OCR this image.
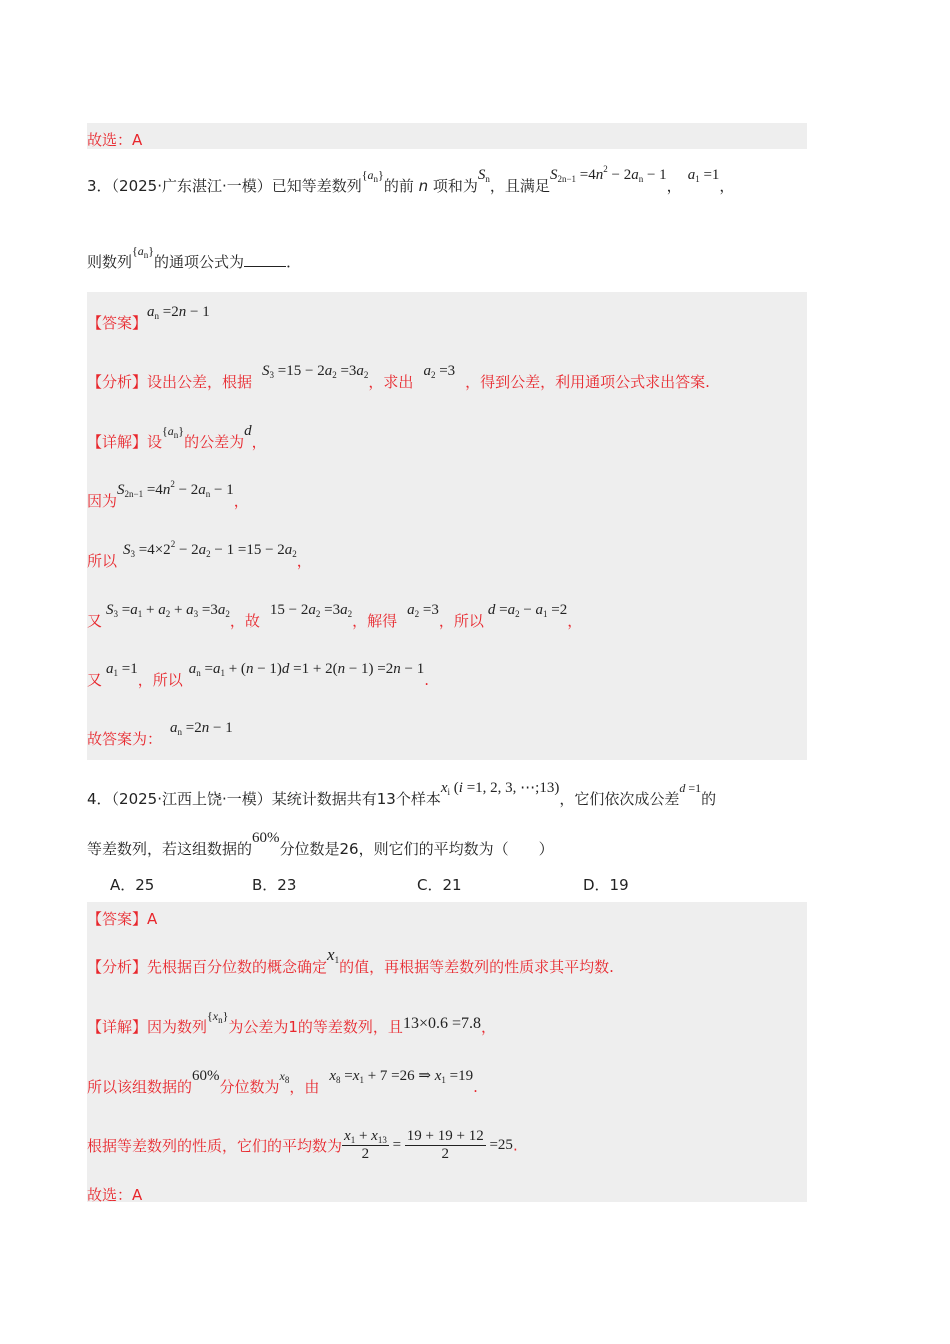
故选：A
3．（2025·广东湛江·一模）已知等差数列$^{\{a_n\}}$的前 n 项和为$S_n$，且满足$S_{2n-1} =4n^2 - 2a_n - 1$，$a_1 =1$，
则数列$^{\{a_n\}}$的通项公式为	．
【答案】$a_n =2n - 1$
【分析】设出公差，根据$S_3 =15 - 2a_2 =3a_2$，求出$a_2 =3$，得到公差，利用通项公式求出答案.
【详解】设$^{\{a_n\}}$的公差为d，
因为$S_{2n-1} =4n^2 - 2a_n - 1$，
所以$S_3 =4\times 2^2 - 2a_2 - 1 =15 - 2a_2$，
又$S_3 =a_1 + a_2 + a_3 =3a_2$，故$15 - 2a_2 =3a_2$，解得$a_2 =3$，所以$d =a_2 - a_1 =2$，
又$a_1 =1$，所以$a_n =a_1 + (n - 1)d =1 + 2(n - 1) =2n - 1$.
故答案为：$a_n =2n - 1$
4．（2025·江西上饶·一模）某统计数据共有13个样本$x_i$ (i =1, 2, 3, ⋯;13)，它们依次成公差$^{d =1}$的
等差数列，若这组数据的60%分位数是26，则它们的平均数为（　　）
A．25	B．23	C．21	D．19
【答案】A
【分析】先根据百分位数的概念确定$x_1$的值，再根据等差数列的性质求其平均数.
【详解】因为数列$^{\{x_n\}}$为公差为1的等差数列，且13×0.6 =7.8，
所以该组数据的60%分位数为$^{x_8}$，由$x_8 =x_1 + 7 =26$ ⇒ $x_1 =19$.
根据等差数列的性质，它们的平均数为 $\frac{x_1 + x_{13}}{2} = \frac{19 + 19 + 12}{2} =25$.
故选：A
